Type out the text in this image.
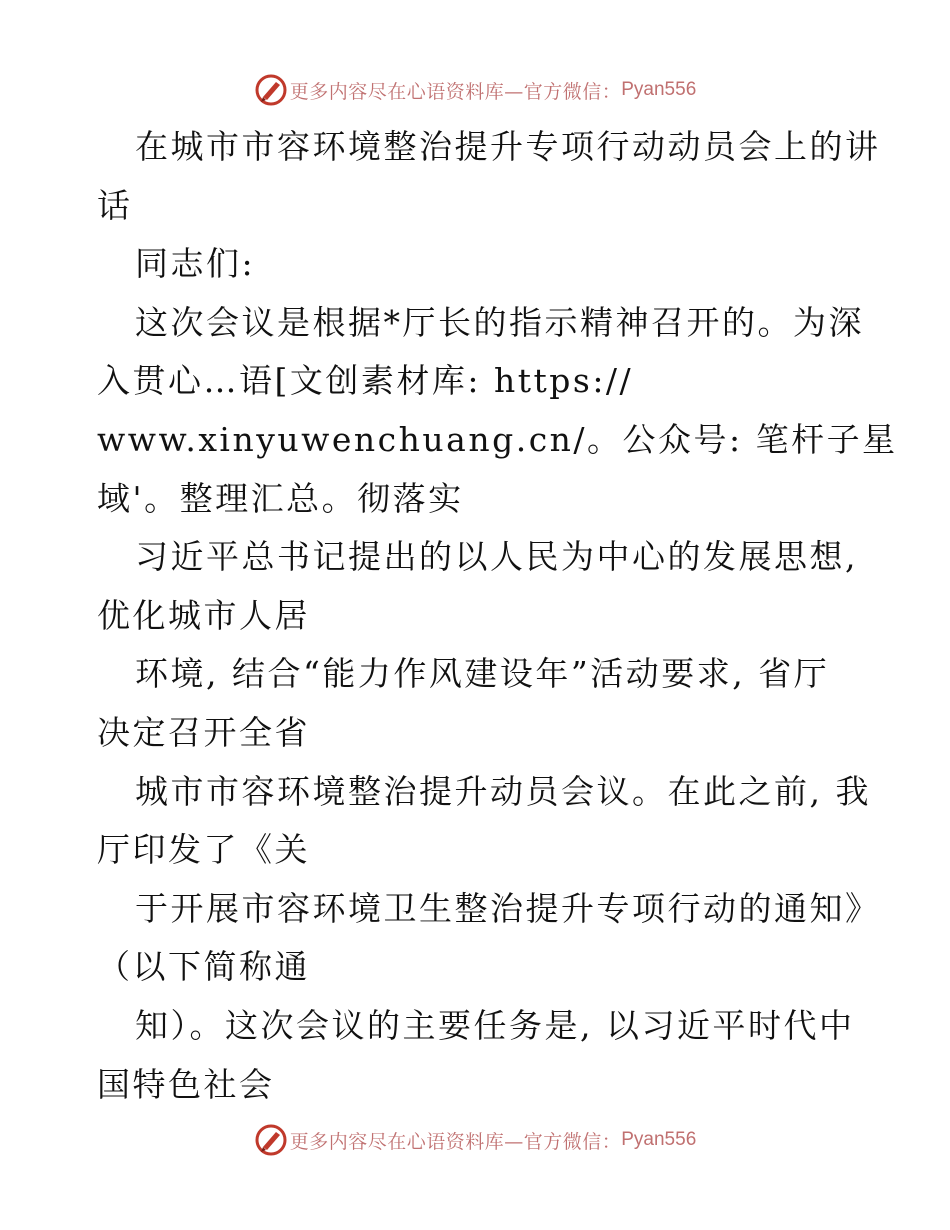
更多内容尽在心语资料库—官方微信： Pyan556
在城市市容环境整治提升专项行动动员会上的讲
话
同志们:
这次会议是根据*厅长的指示精神召开的。为深
入贯心…语[文创素材库: https://
www.xinyuwenchuang.cn/。公众号: 笔杆子星
域'。整理汇总。彻落实
习近平总书记提出的以人民为中心的发展思想,
优化城市人居
环境, 结合“能力作风建设年”活动要求, 省厅
决定召开全省
城市市容环境整治提升动员会议。在此之前, 我
厅印发了《关
于开展市容环境卫生整治提升专项行动的通知》
（以下简称通
知）。这次会议的主要任务是, 以习近平时代中
国特色社会
更多内容尽在心语资料库—官方微信： Pyan556
